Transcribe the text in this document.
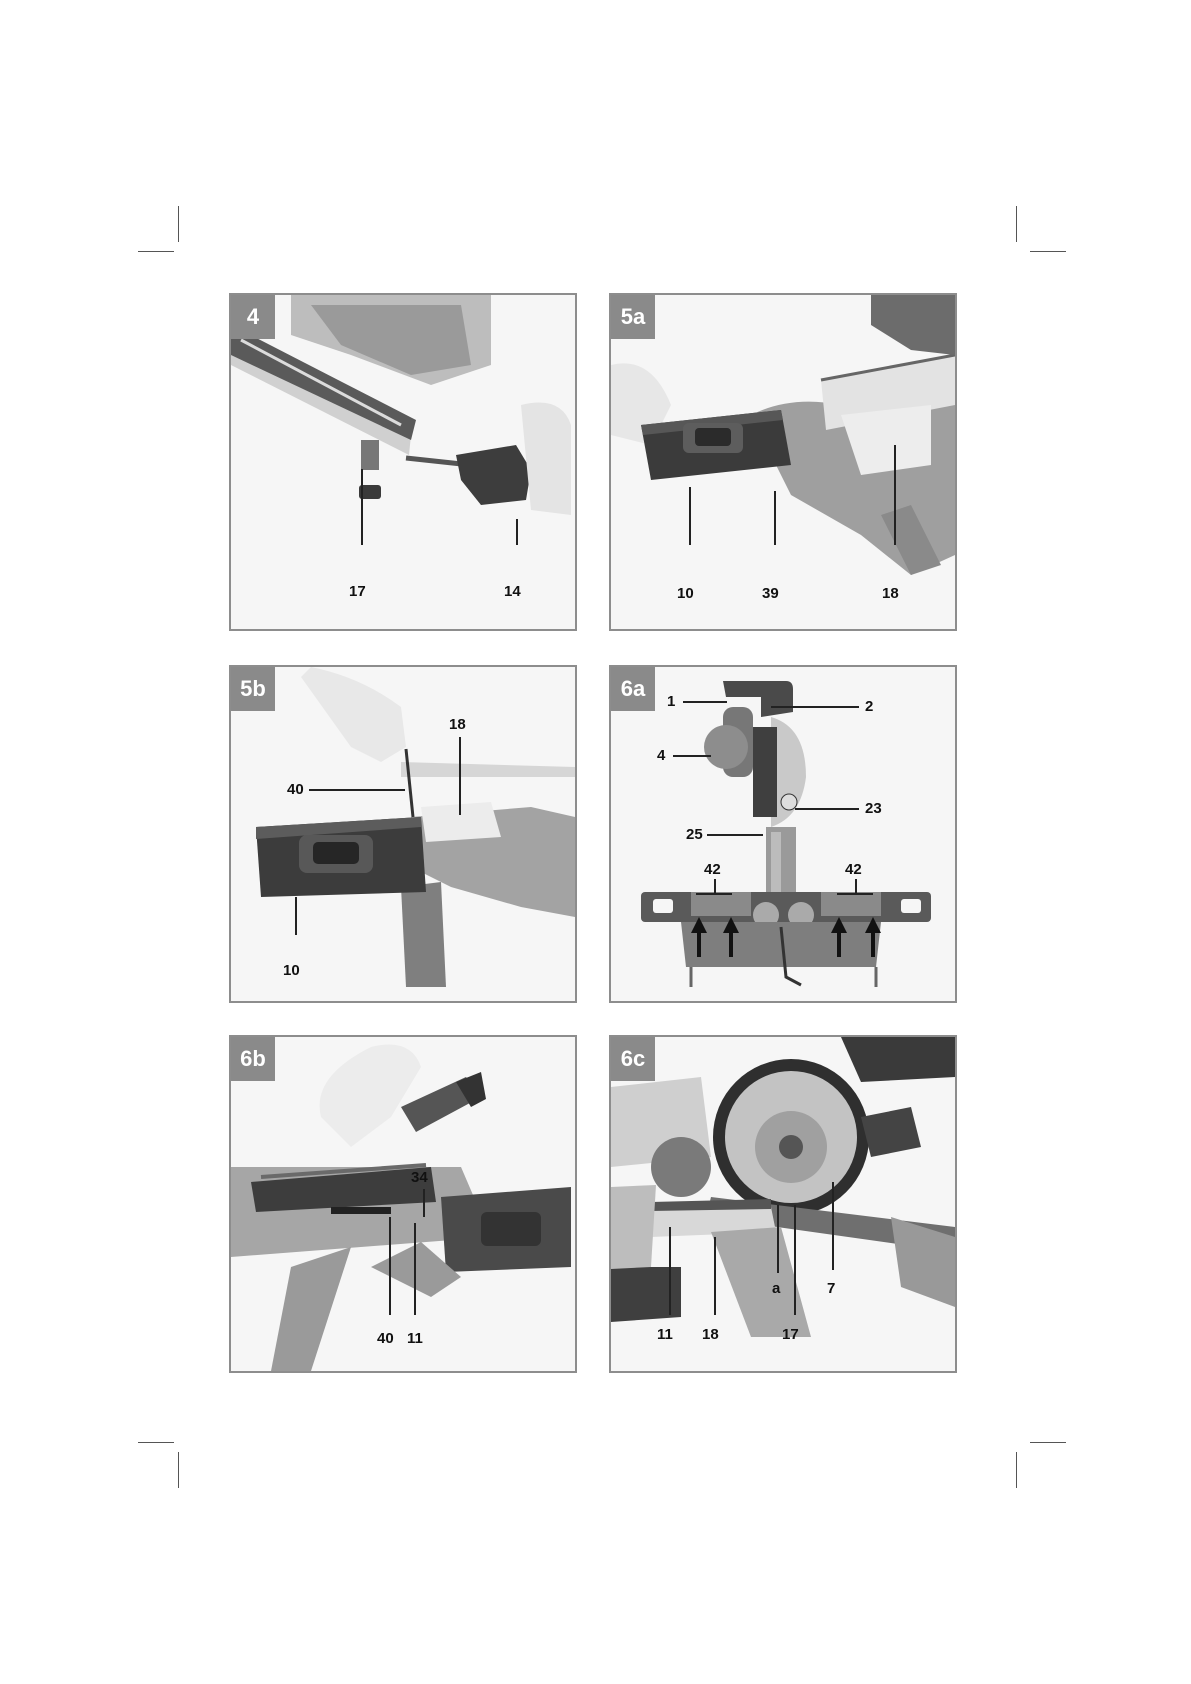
4
17	14
5a
10	39	18
5b
18
40
10
6a
1	2
4
23
25
42	42
6b
34
40 11
6c
7
a
11 18	17
